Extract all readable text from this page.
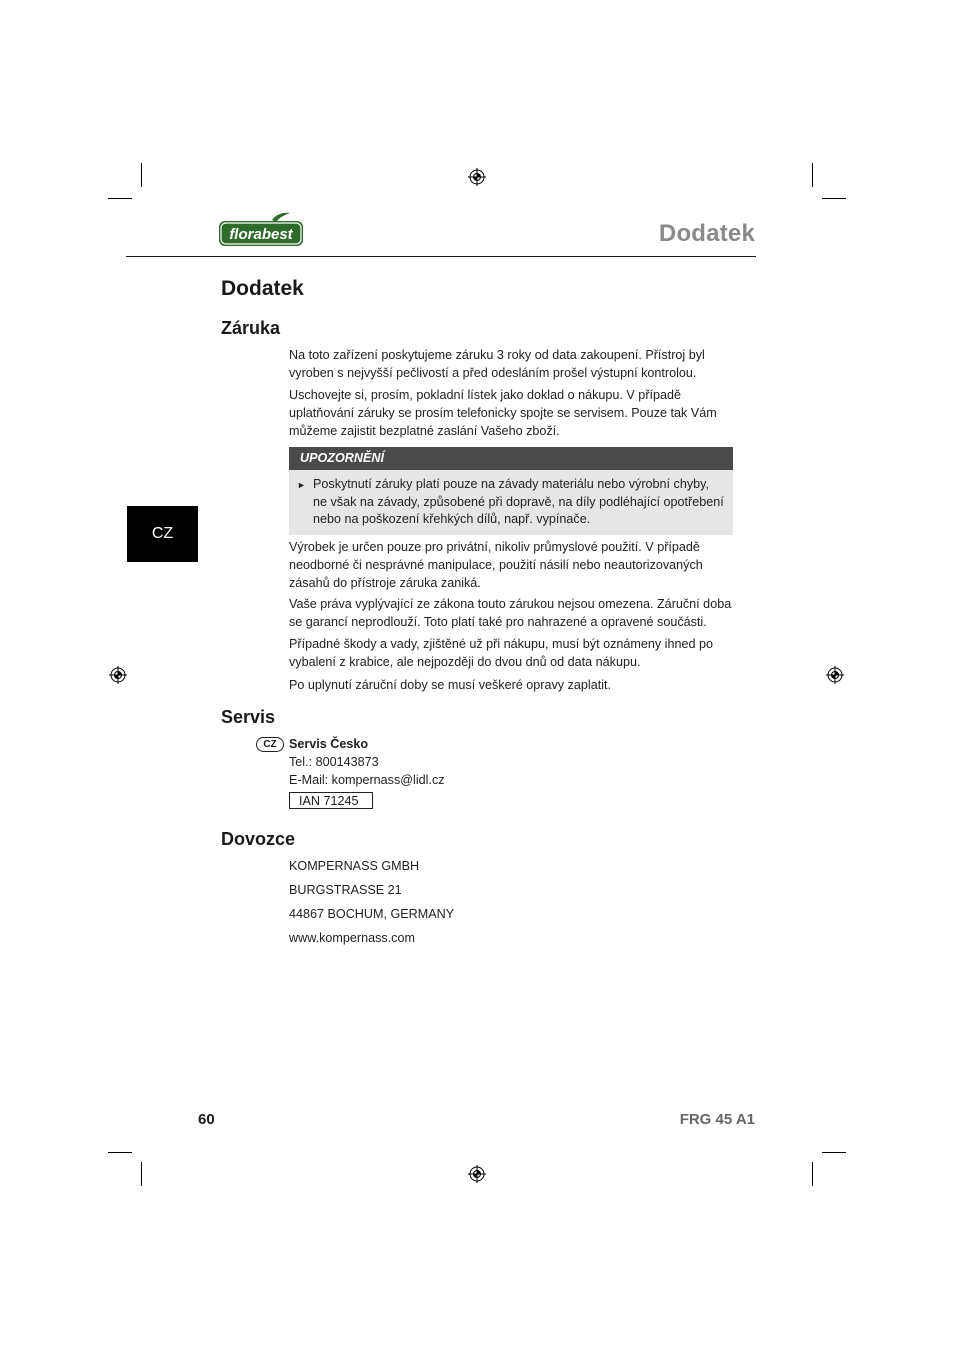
florabest	Dodatek
CZ
Dodatek
Záruka

Na toto zařízení poskytujeme záruku 3 roky od data zakoupení. Přístroj byl vyroben s nejvyšší pečlivostí a před odesláním prošel výstupní kontrolou.

Uschovejte si, prosím, pokladní lístek jako doklad o nákupu. V případě uplatňování záruky se prosím telefonicky spojte se servisem. Pouze tak Vám můžeme zajistit bezplatné zaslání Vašeho zboží.

UPOZORNĚNÍ
► Poskytnutí záruky platí pouze na závady materiálu nebo výrobní chyby, ne však na závady, způsobené při dopravě, na díly podléhající opotřebení nebo na poškození křehkých dílů, např. vypínače.

Výrobek je určen pouze pro privátní, nikoliv průmyslové použití. V případě neodborné či nesprávné manipulace, použití násilí nebo neautorizovaných zásahů do přístroje záruka zaniká.

Vaše práva vyplývající ze zákona touto zárukou nejsou omezena. Záruční doba se garancí neprodlouží. Toto platí také pro nahrazené a opravené součásti.

Případné škody a vady, zjištěné už při nákupu, musí být oznámeny ihned po vybalení z krabice, ale nejpozději do dvou dnů od data nákupu.

Po uplynutí záruční doby se musí veškeré opravy zaplatit.

Servis
CZ Servis Česko
Tel.: 800143873
E-Mail: kompernass@lidl.cz
IAN 71245
Dovozce
KOMPERNASS GMBH
BURGSTRASSE 21
44867 BOCHUM, GERMANY
www.kompernass.com
60	FRG 45 A1
